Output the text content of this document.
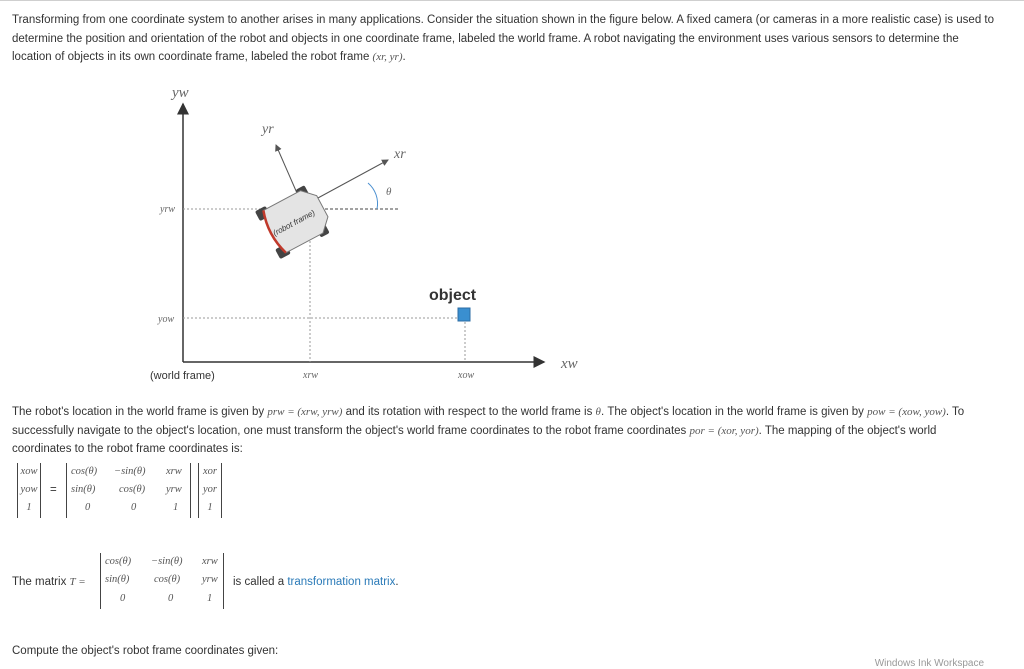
Transforming from one coordinate system to another arises in many applications. Consider the situation shown in the figure below. A fixed camera (or cameras in a more realistic case) is used to determine the position and orientation of the robot and objects in one coordinate frame, labeled the world frame. A robot navigating the environment uses various sensors to determine the location of objects in its own coordinate frame, labeled the robot frame (xr, yr).

yw
xw
(world frame)
yrw
yow
xrw	xow
yr
xr
θ
(robot frame)
object

The robot's location in the world frame is given by prw = (xrw, yrw) and its rotation with respect to the world frame is θ. The object's location in the world frame is given by pow = (xow, yow). To successfully navigate to the object's location, one must transform the object's world frame coordinates to the robot frame coordinates por = (xor, yor). The mapping of the object's world coordinates to the robot frame coordinates is:

xow
yow
1
=
cos(θ) −sin(θ) xrw
sin(θ) cos(θ) yrw
0	0	1
xor
yor
1
The matrix T =
cos(θ) −sin(θ) xrw
sin(θ) cos(θ) yrw
0	0	1
is called a transformation matrix.
Compute the object's robot frame coordinates given:
Windows Ink Workspace
